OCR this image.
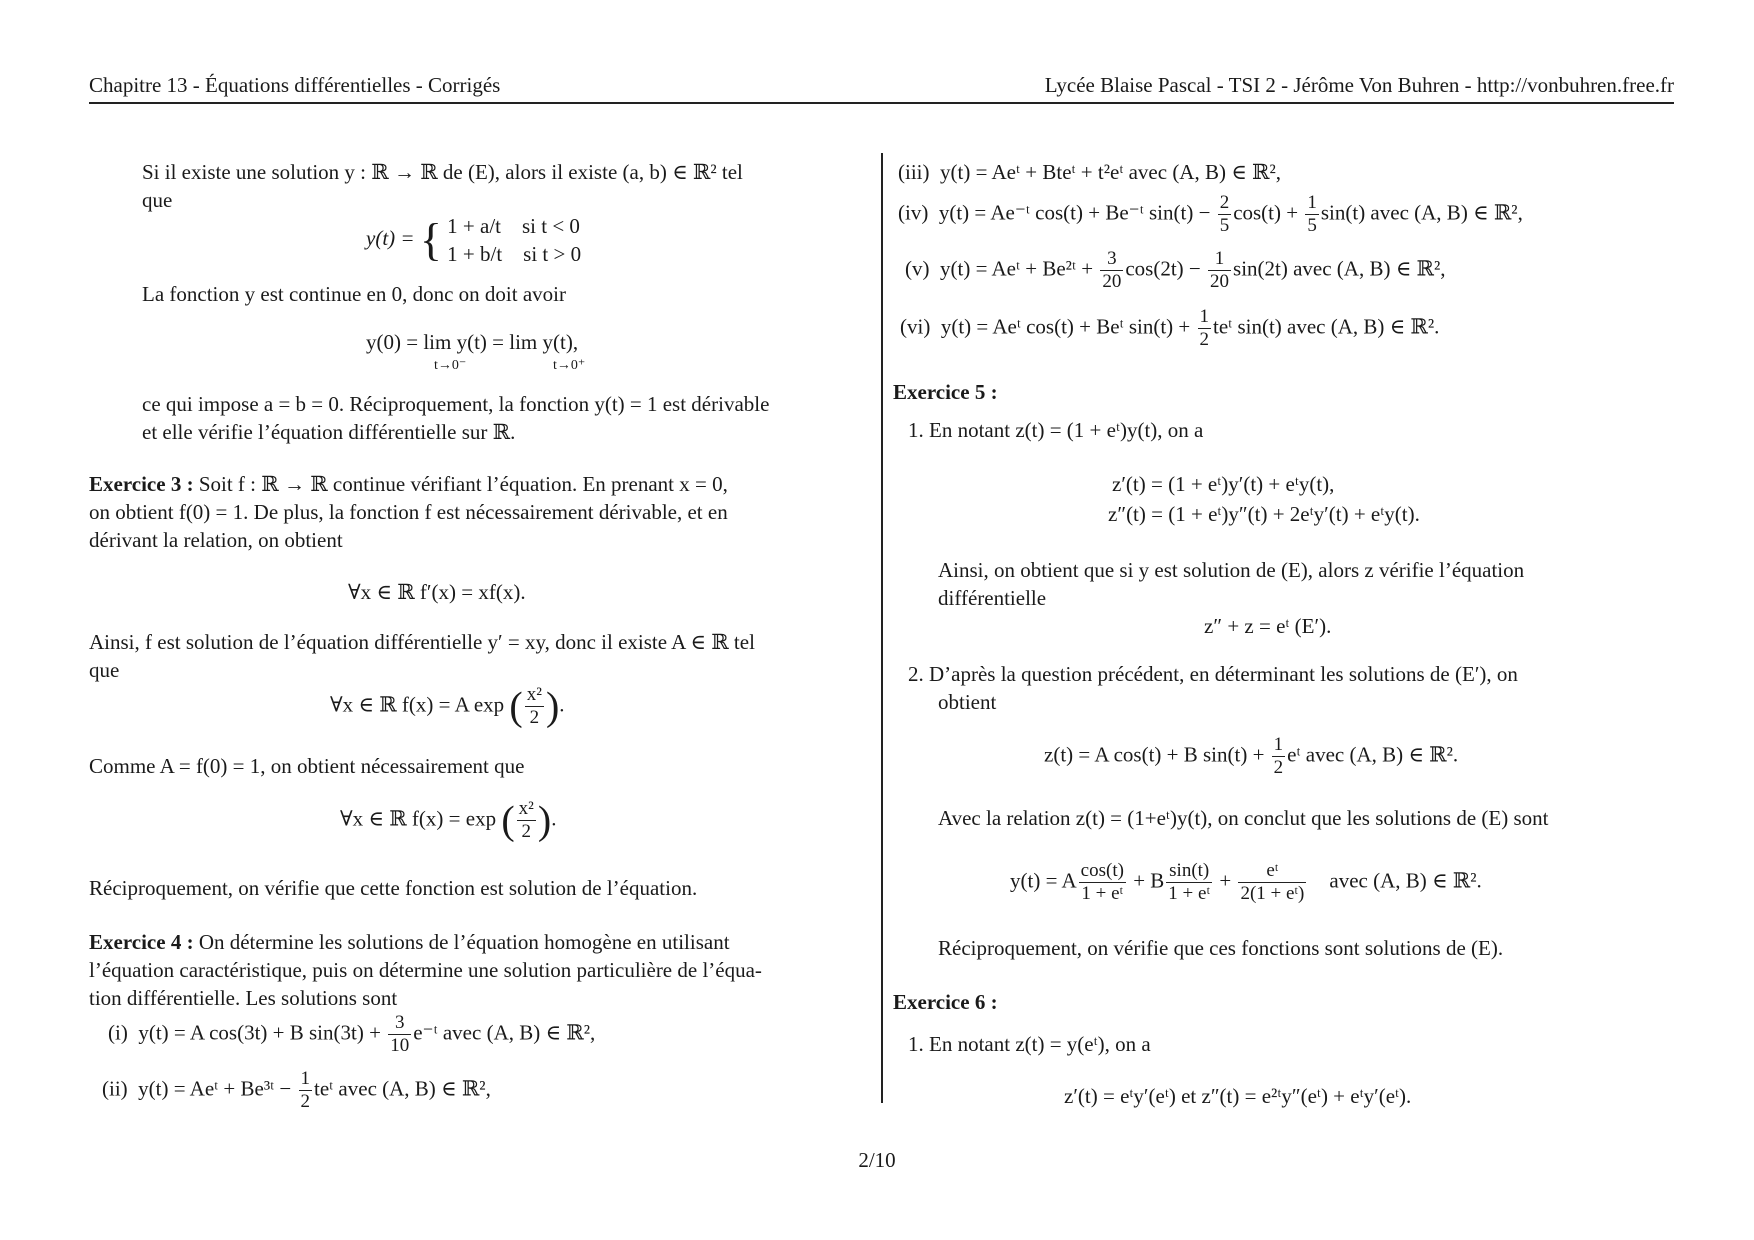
Chapitre 13 - Équations différentielles - Corrigés	Lycée Blaise Pascal - TSI 2 - Jérôme Von Buhren - http://vonbuhren.free.fr
Si il existe une solution y : ℝ → ℝ de (E), alors il existe (a, b) ∈ ℝ² tel
que
y(t) = { 1 + a/t si t < 0
1 + b/t si t > 0
La fonction y est continue en 0, donc on doit avoir
y(0) = lim y(t) = lim y(t),
t→0⁻	t→0⁺
ce qui impose a = b = 0. Réciproquement, la fonction y(t) = 1 est dérivable
et elle vérifie l’équation différentielle sur ℝ.
Exercice 3 : Soit f : ℝ → ℝ continue vérifiant l’équation. En prenant x = 0,
on obtient f(0) = 1. De plus, la fonction f est nécessairement dérivable, et en
dérivant la relation, on obtient
∀x ∈ ℝ f′(x) = xf(x).
Ainsi, f est solution de l’équation différentielle y′ = xy, donc il existe A ∈ ℝ tel
que
∀x ∈ ℝ f(x) = A exp ( $\frac{\text{x²}}{2}$ ).
Comme A = f(0) = 1, on obtient nécessairement que
∀x ∈ ℝ f(x) = exp ( $\frac{\text{x²}}{2}$ ).
Réciproquement, on vérifie que cette fonction est solution de l’équation.
Exercice 4 : On détermine les solutions de l’équation homogène en utilisant
l’équation caractéristique, puis on détermine une solution particulière de l’équa-
tion différentielle. Les solutions sont
(i) y(t) = A cos(3t) + B $\sin(3t) + \frac{3}{10}$ e⁻ᵗ avec (A, B) ∈ ℝ²,
(ii) y(t) = Aeᵗ + Be³ᵗ − $\frac{1}{2}$ teᵗ avec (A, B) ∈ ℝ²,
(iii) y(t) = Aeᵗ + Bteᵗ + t²eᵗ avec (A, B) ∈ ℝ²,
(iv) y(t) = Ae⁻ᵗ cos(t) + Be⁻ᵗ $\sin(t) - \frac{2}{5} \cos(t) + \frac{1}{5} \sin(t)$ avec (A, B) ∈ ℝ²,
(v) y(t) = Aeᵗ + Be²ᵗ + $\frac{3}{20} \cos(2t) - \frac{1}{20} \sin(2t)$ avec (A, B) ∈ ℝ²,
(vi) y(t) = Aeᵗ cos(t) + Beᵗ $\sin(t) + \frac{1}{2}$ teᵗ sin(t) avec (A, B) ∈ ℝ².
Exercice 5 :
1. En notant z(t) = (1 + eᵗ)y(t), on a
z′(t) = (1 + eᵗ)y′(t) + eᵗy(t),
z″(t) = (1 + eᵗ)y″(t) + 2eᵗy′(t) + eᵗy(t).
Ainsi, on obtient que si y est solution de (E), alors z vérifie l’équation
différentielle
z″ + z = eᵗ (E′).
2. D’après la question précédent, en déterminant les solutions de (E′), on
obtient
z(t) = A cos(t) + B $\sin(t) + \frac{1}{2}$ eᵗ avec (A, B) ∈ ℝ².
Avec la relation z(t) = (1+eᵗ)y(t), on conclut que les solutions de (E) sont
y(t) = A $\frac{\cos(t)}{\text{1 + eᵗ}} + B \frac{\sin(t)}{\text{1 + eᵗ}} + \frac{\text{eᵗ}}{\text{2(1 + eᵗ)}}$ avec (A, B) ∈ ℝ².
Réciproquement, on vérifie que ces fonctions sont solutions de (E).
Exercice 6 :
1. En notant z(t) = y(eᵗ), on a
z′(t) = eᵗy′(eᵗ) et z″(t) = e²ᵗy″(eᵗ) + eᵗy′(eᵗ).
2/10
